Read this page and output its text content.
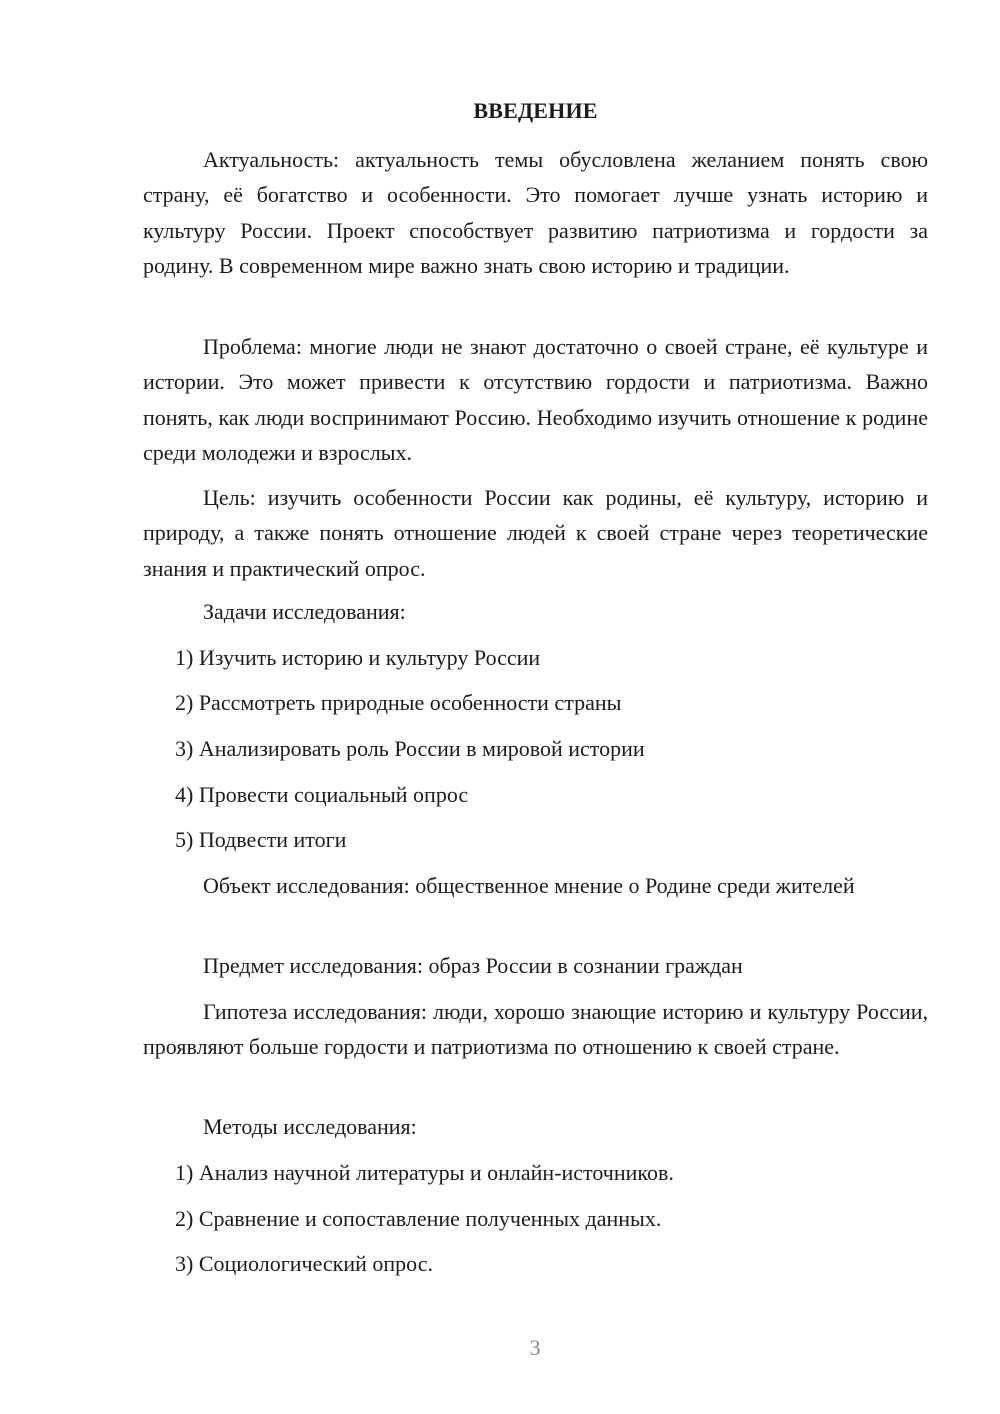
ВВЕДЕНИЕ

Актуальность: актуальность темы обусловлена желанием понять свою страну, её богатство и особенности. Это помогает лучше узнать историю и культуру России. Проект способствует развитию патриотизма и гордости за родину. В современном мире важно знать свою историю и традиции.

Проблема: многие люди не знают достаточно о своей стране, её культуре и истории. Это может привести к отсутствию гордости и патриотизма. Важно понять, как люди воспринимают Россию. Необходимо изучить отношение к родине среди молодежи и взрослых.

Цель: изучить особенности России как родины, её культуру, историю и природу, а также понять отношение людей к своей стране через теоретические знания и практический опрос.

Задачи исследования:

1) Изучить историю и культуру России

2) Рассмотреть природные особенности страны

3) Анализировать роль России в мировой истории

4) Провести социальный опрос

5) Подвести итоги

Объект исследования: общественное мнение о Родине среди жителей

Предмет исследования: образ России в сознании граждан

Гипотеза исследования: люди, хорошо знающие историю и культуру России, проявляют больше гордости и патриотизма по отношению к своей стране.

Методы исследования:

1) Анализ научной литературы и онлайн-источников.

2) Сравнение и сопоставление полученных данных.

3) Социологический опрос.

3
